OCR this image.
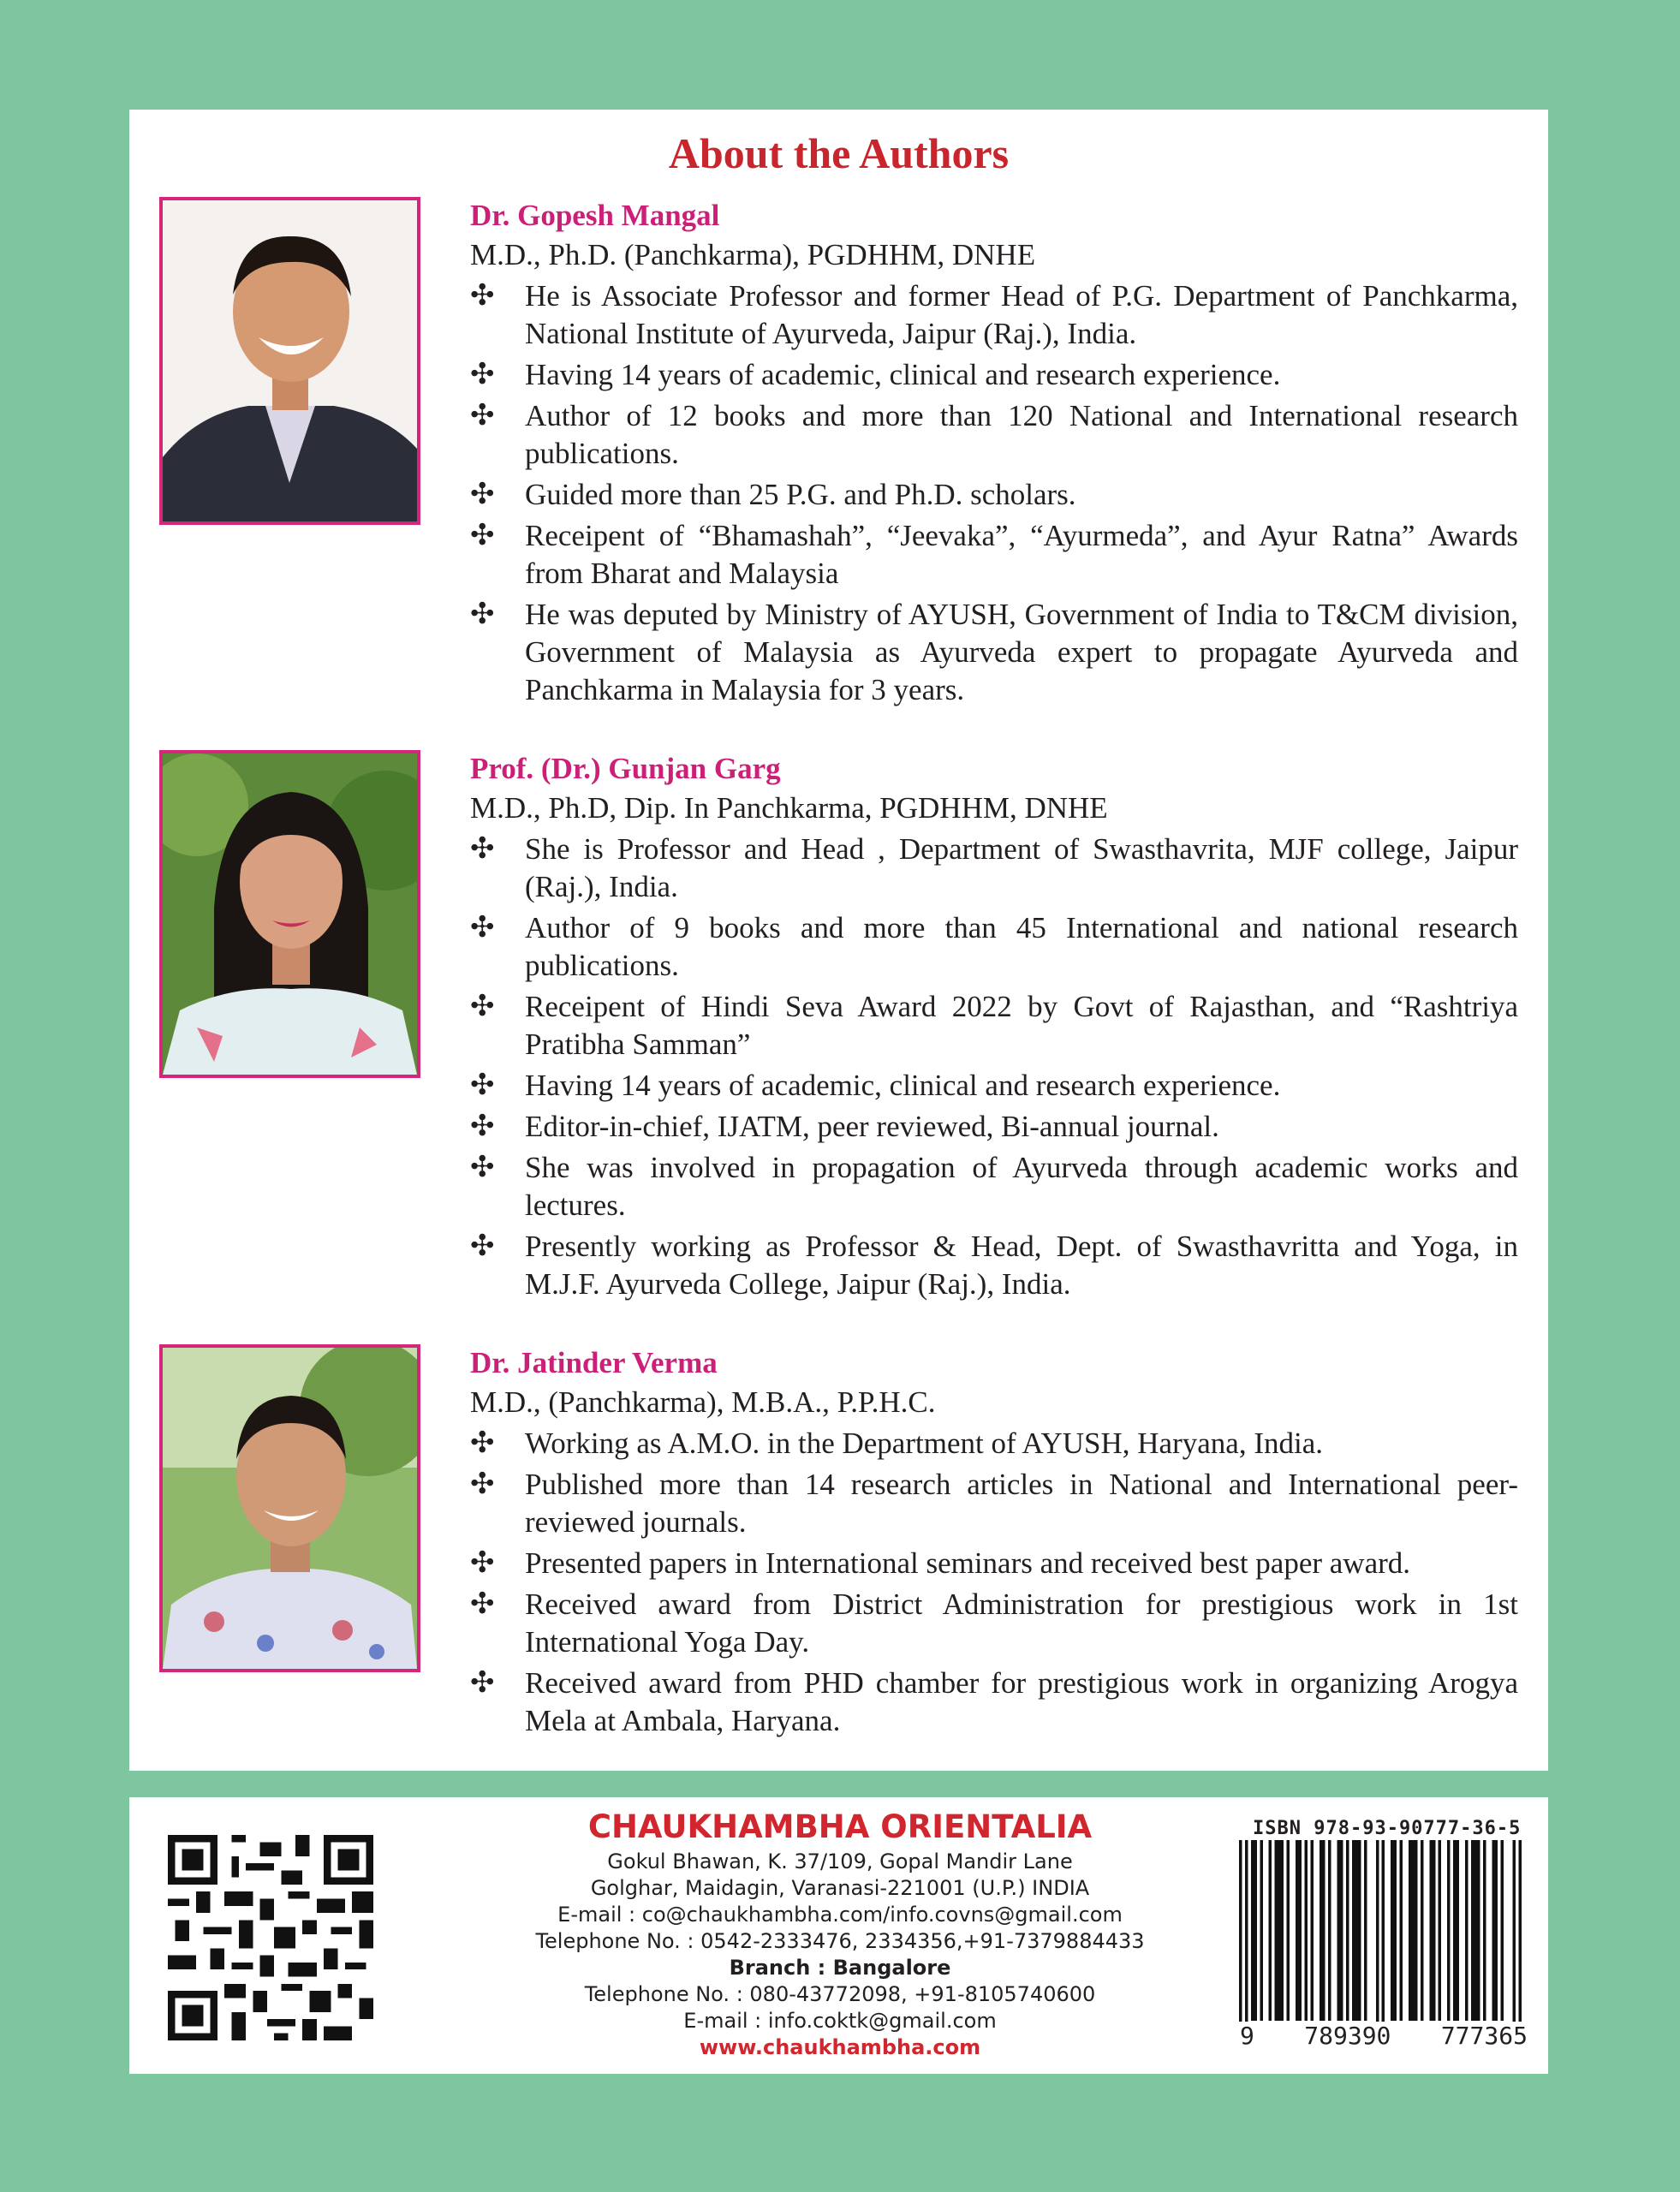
About the Authors

Dr. Gopesh Mangal

M.D., Ph.D. (Panchkarma), PGDHHM, DNHE

✣ He is Associate Professor and former Head of P.G. Department of Panchkarma, National Institute of Ayurveda, Jaipur (Raj.), India.
✣ Having 14 years of academic, clinical and research experience.
✣ Author of 12 books and more than 120 National and International research publications.
✣ Guided more than 25 P.G. and Ph.D. scholars.
✣ Receipent of “Bhamashah”, “Jeevaka”, “Ayurmeda”, and Ayur Ratna” Awards from Bharat and Malaysia
✣ He was deputed by Ministry of AYUSH, Government of India to T&CM division, Government of Malaysia as Ayurveda expert to propagate Ayurveda and Panchkarma in Malaysia for 3 years.

Prof. (Dr.) Gunjan Garg

M.D., Ph.D, Dip. In Panchkarma, PGDHHM, DNHE

✣ She is Professor and Head , Department of Swasthavrita, MJF college, Jaipur (Raj.), India.
✣ Author of 9 books and more than 45 International and national research publications.
✣ Receipent of Hindi Seva Award 2022 by Govt of Rajasthan, and “Rashtriya Pratibha Samman”
✣ Having 14 years of academic, clinical and research experience.
✣ Editor-in-chief, IJATM, peer reviewed, Bi-annual journal.
✣ She was involved in propagation of Ayurveda through academic works and lectures.
✣ Presently working as Professor & Head, Dept. of Swasthavritta and Yoga, in M.J.F. Ayurveda College, Jaipur (Raj.), India.

Dr. Jatinder Verma

M.D., (Panchkarma), M.B.A., P.P.H.C.

✣ Working as A.M.O. in the Department of AYUSH, Haryana, India.
✣ Published more than 14 research articles in National and International peer-reviewed journals.
✣ Presented papers in International seminars and received best paper award.
✣ Received award from District Administration for prestigious work in 1st International Yoga Day.
✣ Received award from PHD chamber for prestigious work in organizing Arogya Mela at Ambala, Haryana.
CHAUKHAMBHA ORIENTALIA
Gokul Bhawan, K. 37/109, Gopal Mandir Lane
Golghar, Maidagin, Varanasi-221001 (U.P.) INDIA
E-mail : co@chaukhambha.com/info.covns@gmail.com
Telephone No. : 0542-2333476, 2334356,+91-7379884433
Branch : Bangalore
Telephone No. : 080-43772098, +91-8105740600
E-mail : info.coktk@gmail.com
www.chaukhambha.com
ISBN 978-93-90777-36-5
9 789390 777365
